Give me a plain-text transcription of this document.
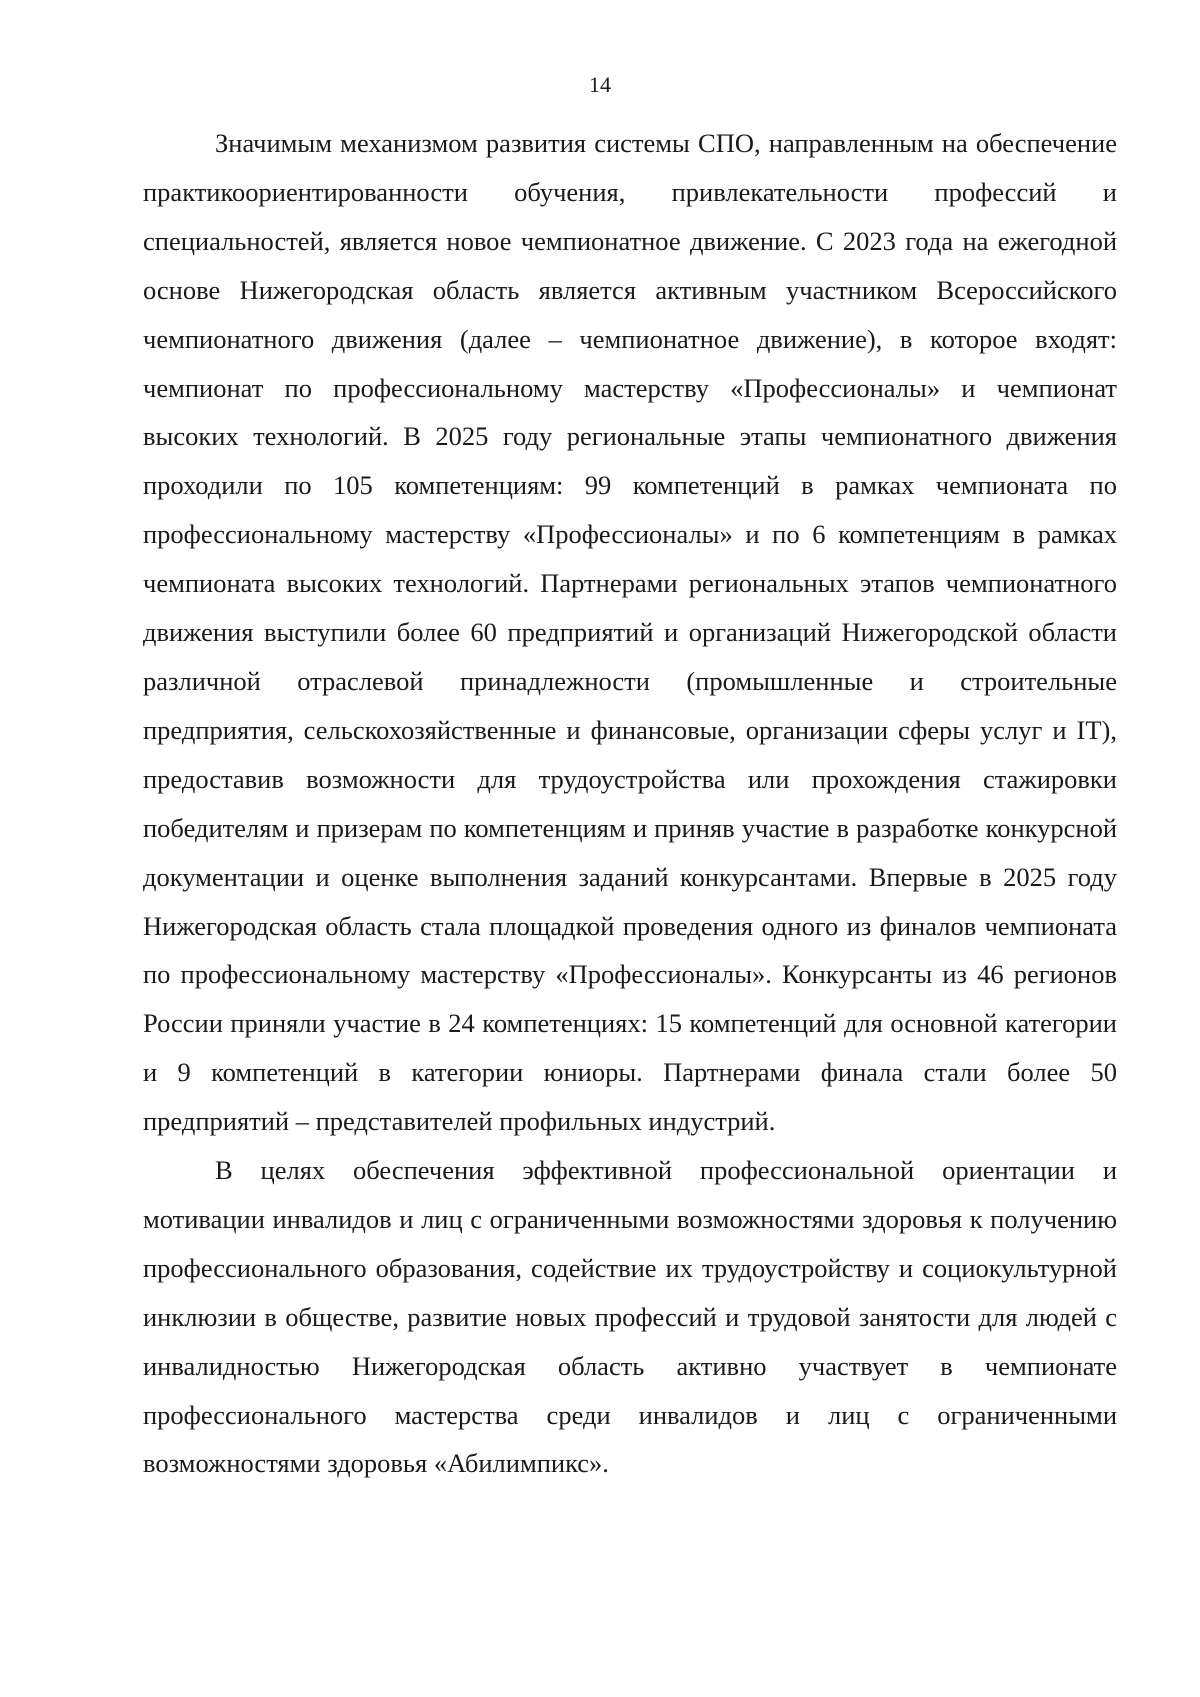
14

Значимым механизмом развития системы СПО, направленным на обеспечение практикоориентированности обучения, привлекательности профессий и специальностей, является новое чемпионатное движение. С 2023 года на ежегодной основе Нижегородская область является активным участником Всероссийского чемпионатного движения (далее – чемпионатное движение), в которое входят: чемпионат по профессиональному мастерству «Профессионалы» и чемпионат высоких технологий. В 2025 году региональные этапы чемпионатного движения проходили по 105 компетенциям: 99 компетенций в рамках чемпионата по профессиональному мастерству «Профессионалы» и по 6 компетенциям в рамках чемпионата высоких технологий. Партнерами региональных этапов чемпионатного движения выступили более 60 предприятий и организаций Нижегородской области различной отраслевой принадлежности (промышленные и строительные предприятия, сельскохозяйственные и финансовые, организации сферы услуг и IT), предоставив возможности для трудоустройства или прохождения стажировки победителям и призерам по компетенциям и приняв участие в разработке конкурсной документации и оценке выполнения заданий конкурсантами. Впервые в 2025 году Нижегородская область стала площадкой проведения одного из финалов чемпионата по профессиональному мастерству «Профессионалы». Конкурсанты из 46 регионов России приняли участие в 24 компетенциях: 15 компетенций для основной категории и 9 компетенций в категории юниоры. Партнерами финала стали более 50 предприятий – представителей профильных индустрий.

В целях обеспечения эффективной профессиональной ориентации и мотивации инвалидов и лиц с ограниченными возможностями здоровья к получению профессионального образования, содействие их трудоустройству и социокультурной инклюзии в обществе, развитие новых профессий и трудовой занятости для людей с инвалидностью Нижегородская область активно участвует в чемпионате профессионального мастерства среди инвалидов и лиц с ограниченными возможностями здоровья «Абилимпикс».
